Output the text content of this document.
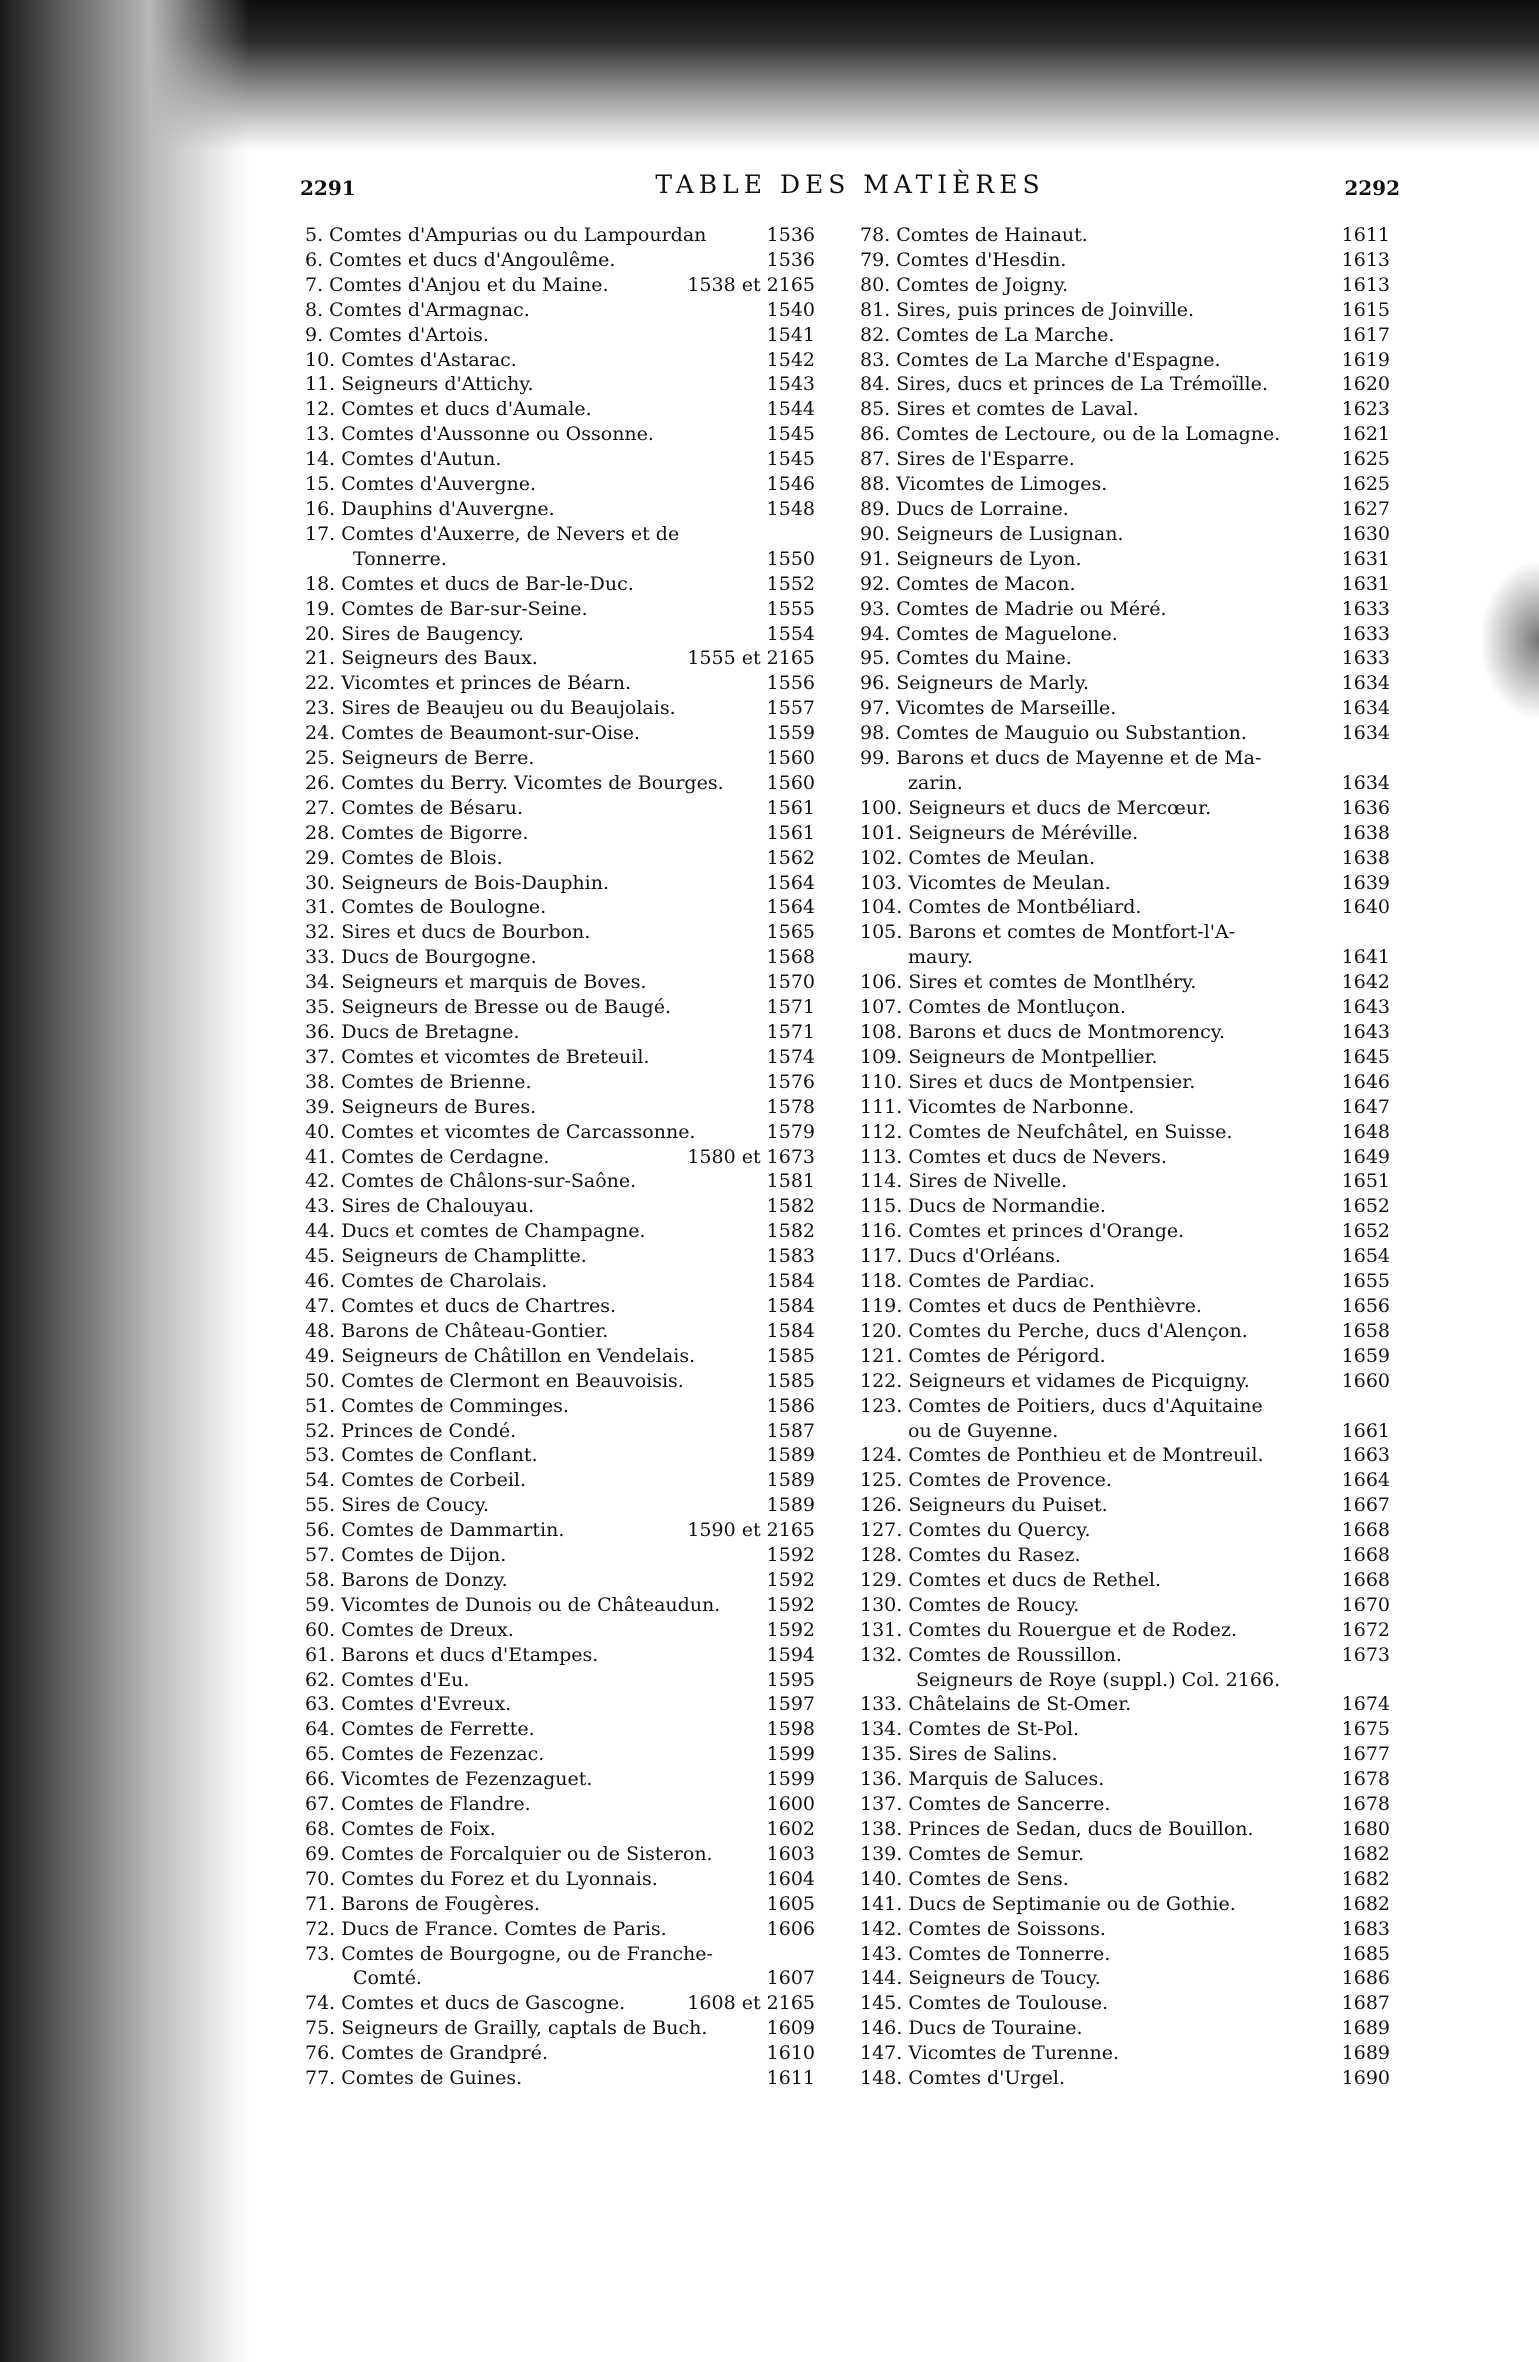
2291	TABLE DES MATIÈRES	2292
5. Comtes d'Ampurias ou du Lampourdan	1536
6. Comtes et ducs d'Angoulême.	1536
7. Comtes d'Anjou et du Maine.	1538 et 2165
8. Comtes d'Armagnac.	1540
9. Comtes d'Artois.	1541
10. Comtes d'Astarac.	1542
11. Seigneurs d'Attichy.	1543
12. Comtes et ducs d'Aumale.	1544
13. Comtes d'Aussonne ou Ossonne.	1545
14. Comtes d'Autun.	1545
15. Comtes d'Auvergne.	1546
16. Dauphins d'Auvergne.	1548
17. Comtes d'Auxerre, de Nevers et de
Tonnerre.	1550
18. Comtes et ducs de Bar-le-Duc.	1552
19. Comtes de Bar-sur-Seine.	1555
20. Sires de Baugency.	1554
21. Seigneurs des Baux.	1555 et 2165
22. Vicomtes et princes de Béarn.	1556
23. Sires de Beaujeu ou du Beaujolais.	1557
24. Comtes de Beaumont-sur-Oise.	1559
25. Seigneurs de Berre.	1560
26. Comtes du Berry. Vicomtes de Bourges.	1560
27. Comtes de Bésaru.	1561
28. Comtes de Bigorre.	1561
29. Comtes de Blois.	1562
30. Seigneurs de Bois-Dauphin.	1564
31. Comtes de Boulogne.	1564
32. Sires et ducs de Bourbon.	1565
33. Ducs de Bourgogne.	1568
34. Seigneurs et marquis de Boves.	1570
35. Seigneurs de Bresse ou de Baugé.	1571
36. Ducs de Bretagne.	1571
37. Comtes et vicomtes de Breteuil.	1574
38. Comtes de Brienne.	1576
39. Seigneurs de Bures.	1578
40. Comtes et vicomtes de Carcassonne.	1579
41. Comtes de Cerdagne.	1580 et 1673
42. Comtes de Châlons-sur-Saône.	1581
43. Sires de Chalouyau.	1582
44. Ducs et comtes de Champagne.	1582
45. Seigneurs de Champlitte.	1583
46. Comtes de Charolais.	1584
47. Comtes et ducs de Chartres.	1584
48. Barons de Château-Gontier.	1584
49. Seigneurs de Châtillon en Vendelais.	1585
50. Comtes de Clermont en Beauvoisis.	1585
51. Comtes de Comminges.	1586
52. Princes de Condé.	1587
53. Comtes de Conflant.	1589
54. Comtes de Corbeil.	1589
55. Sires de Coucy.	1589
56. Comtes de Dammartin.	1590 et 2165
57. Comtes de Dijon.	1592
58. Barons de Donzy.	1592
59. Vicomtes de Dunois ou de Châteaudun.	1592
60. Comtes de Dreux.	1592
61. Barons et ducs d'Etampes.	1594
62. Comtes d'Eu.	1595
63. Comtes d'Evreux.	1597
64. Comtes de Ferrette.	1598
65. Comtes de Fezenzac.	1599
66. Vicomtes de Fezenzaguet.	1599
67. Comtes de Flandre.	1600
68. Comtes de Foix.	1602
69. Comtes de Forcalquier ou de Sisteron.	1603
70. Comtes du Forez et du Lyonnais.	1604
71. Barons de Fougères.	1605
72. Ducs de France. Comtes de Paris.	1606
73. Comtes de Bourgogne, ou de Franche-
Comté.	1607
74. Comtes et ducs de Gascogne.	1608 et 2165
75. Seigneurs de Grailly, captals de Buch.	1609
76. Comtes de Grandpré.	1610
77. Comtes de Guines.	1611
78. Comtes de Hainaut.	1611
79. Comtes d'Hesdin.	1613
80. Comtes de Joigny.	1613
81. Sires, puis princes de Joinville.	1615
82. Comtes de La Marche.	1617
83. Comtes de La Marche d'Espagne.	1619
84. Sires, ducs et princes de La Trémoïlle.	1620
85. Sires et comtes de Laval.	1623
86. Comtes de Lectoure, ou de la Lomagne.	1621
87. Sires de l'Esparre.	1625
88. Vicomtes de Limoges.	1625
89. Ducs de Lorraine.	1627
90. Seigneurs de Lusignan.	1630
91. Seigneurs de Lyon.	1631
92. Comtes de Macon.	1631
93. Comtes de Madrie ou Méré.	1633
94. Comtes de Maguelone.	1633
95. Comtes du Maine.	1633
96. Seigneurs de Marly.	1634
97. Vicomtes de Marseille.	1634
98. Comtes de Mauguio ou Substantion.	1634
99. Barons et ducs de Mayenne et de Ma-
zarin.	1634
100. Seigneurs et ducs de Mercœur.	1636
101. Seigneurs de Méréville.	1638
102. Comtes de Meulan.	1638
103. Vicomtes de Meulan.	1639
104. Comtes de Montbéliard.	1640
105. Barons et comtes de Montfort-l'A-
maury.	1641
106. Sires et comtes de Montlhéry.	1642
107. Comtes de Montluçon.	1643
108. Barons et ducs de Montmorency.	1643
109. Seigneurs de Montpellier.	1645
110. Sires et ducs de Montpensier.	1646
111. Vicomtes de Narbonne.	1647
112. Comtes de Neufchâtel, en Suisse.	1648
113. Comtes et ducs de Nevers.	1649
114. Sires de Nivelle.	1651
115. Ducs de Normandie.	1652
116. Comtes et princes d'Orange.	1652
117. Ducs d'Orléans.	1654
118. Comtes de Pardiac.	1655
119. Comtes et ducs de Penthièvre.	1656
120. Comtes du Perche, ducs d'Alençon.	1658
121. Comtes de Périgord.	1659
122. Seigneurs et vidames de Picquigny.	1660
123. Comtes de Poitiers, ducs d'Aquitaine
ou de Guyenne.	1661
124. Comtes de Ponthieu et de Montreuil.	1663
125. Comtes de Provence.	1664
126. Seigneurs du Puiset.	1667
127. Comtes du Quercy.	1668
128. Comtes du Rasez.	1668
129. Comtes et ducs de Rethel.	1668
130. Comtes de Roucy.	1670
131. Comtes du Rouergue et de Rodez.	1672
132. Comtes de Roussillon.	1673
Seigneurs de Roye (suppl.) Col. 2166.
133. Châtelains de St-Omer.	1674
134. Comtes de St-Pol.	1675
135. Sires de Salins.	1677
136. Marquis de Saluces.	1678
137. Comtes de Sancerre.	1678
138. Princes de Sedan, ducs de Bouillon.	1680
139. Comtes de Semur.	1682
140. Comtes de Sens.	1682
141. Ducs de Septimanie ou de Gothie.	1682
142. Comtes de Soissons.	1683
143. Comtes de Tonnerre.	1685
144. Seigneurs de Toucy.	1686
145. Comtes de Toulouse.	1687
146. Ducs de Touraine.	1689
147. Vicomtes de Turenne.	1689
148. Comtes d'Urgel.	1690
